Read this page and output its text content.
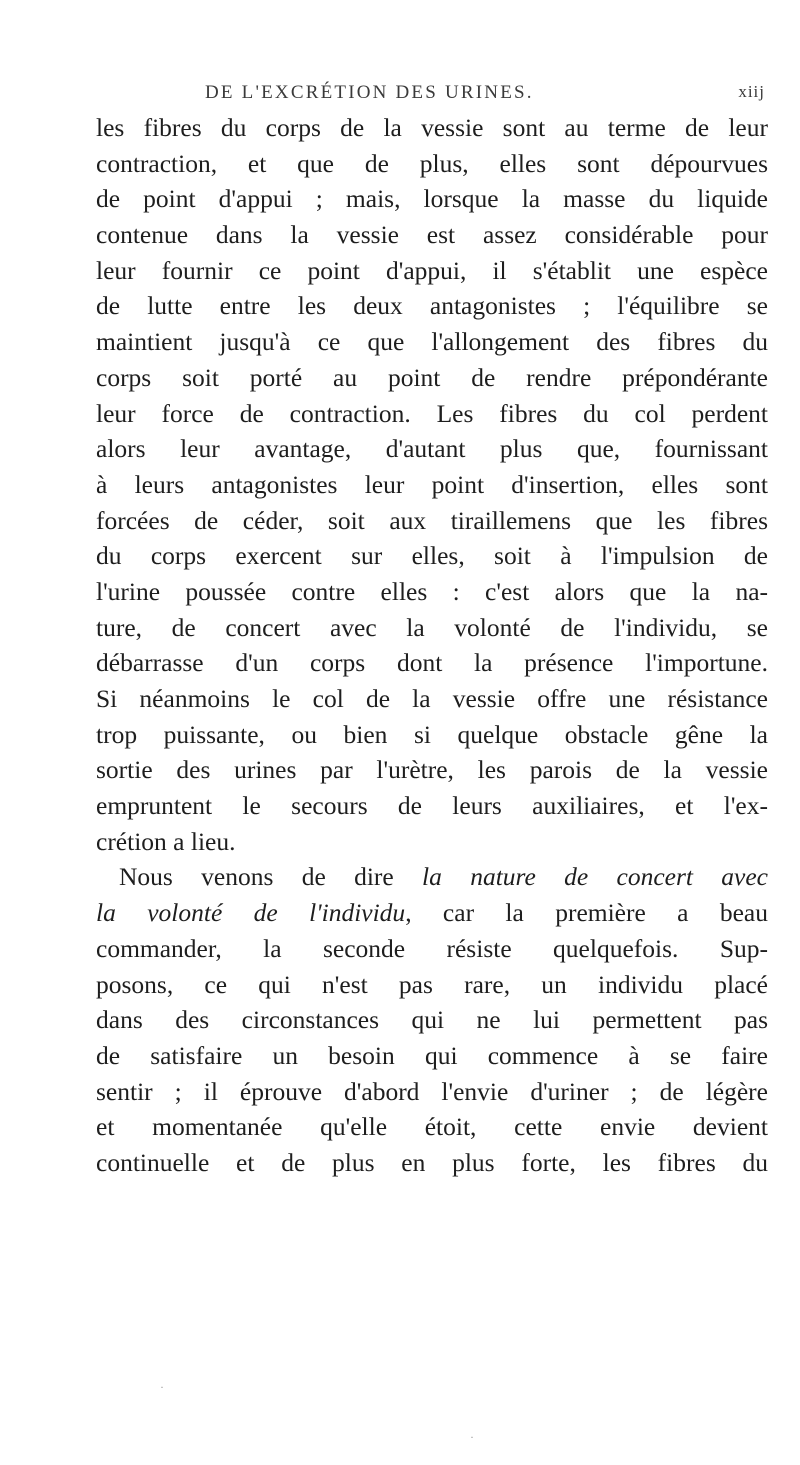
DE L'EXCRÉTION DES URINES.	xiij
les fibres du corps de la vessie sont au terme de leur
contraction, et que de plus, elles sont dépourvues
de point d'appui ; mais, lorsque la masse du liquide
contenue dans la vessie est assez considérable pour
leur fournir ce point d'appui, il s'établit une espèce
de lutte entre les deux antagonistes ; l'équilibre se
maintient jusqu'à ce que l'allongement des fibres du
corps soit porté au point de rendre prépondérante
leur force de contraction. Les fibres du col perdent
alors leur avantage, d'autant plus que, fournissant
à leurs antagonistes leur point d'insertion, elles sont
forcées de céder, soit aux tiraillemens que les fibres
du corps exercent sur elles, soit à l'impulsion de
l'urine poussée contre elles : c'est alors que la na-
ture, de concert avec la volonté de l'individu, se
débarrasse d'un corps dont la présence l'importune.
Si néanmoins le col de la vessie offre une résistance
trop puissante, ou bien si quelque obstacle gêne la
sortie des urines par l'urètre, les parois de la vessie
empruntent le secours de leurs auxiliaires, et l'ex-
crétion a lieu.
Nous venons de dire la nature de concert avec
la volonté de l'individu, car la première a beau
commander, la seconde résiste quelquefois. Sup-
posons, ce qui n'est pas rare, un individu placé
dans des circonstances qui ne lui permettent pas
de satisfaire un besoin qui commence à se faire
sentir ; il éprouve d'abord l'envie d'uriner ; de légère
et momentanée qu'elle étoit, cette envie devient
continuelle et de plus en plus forte, les fibres du
·
·
